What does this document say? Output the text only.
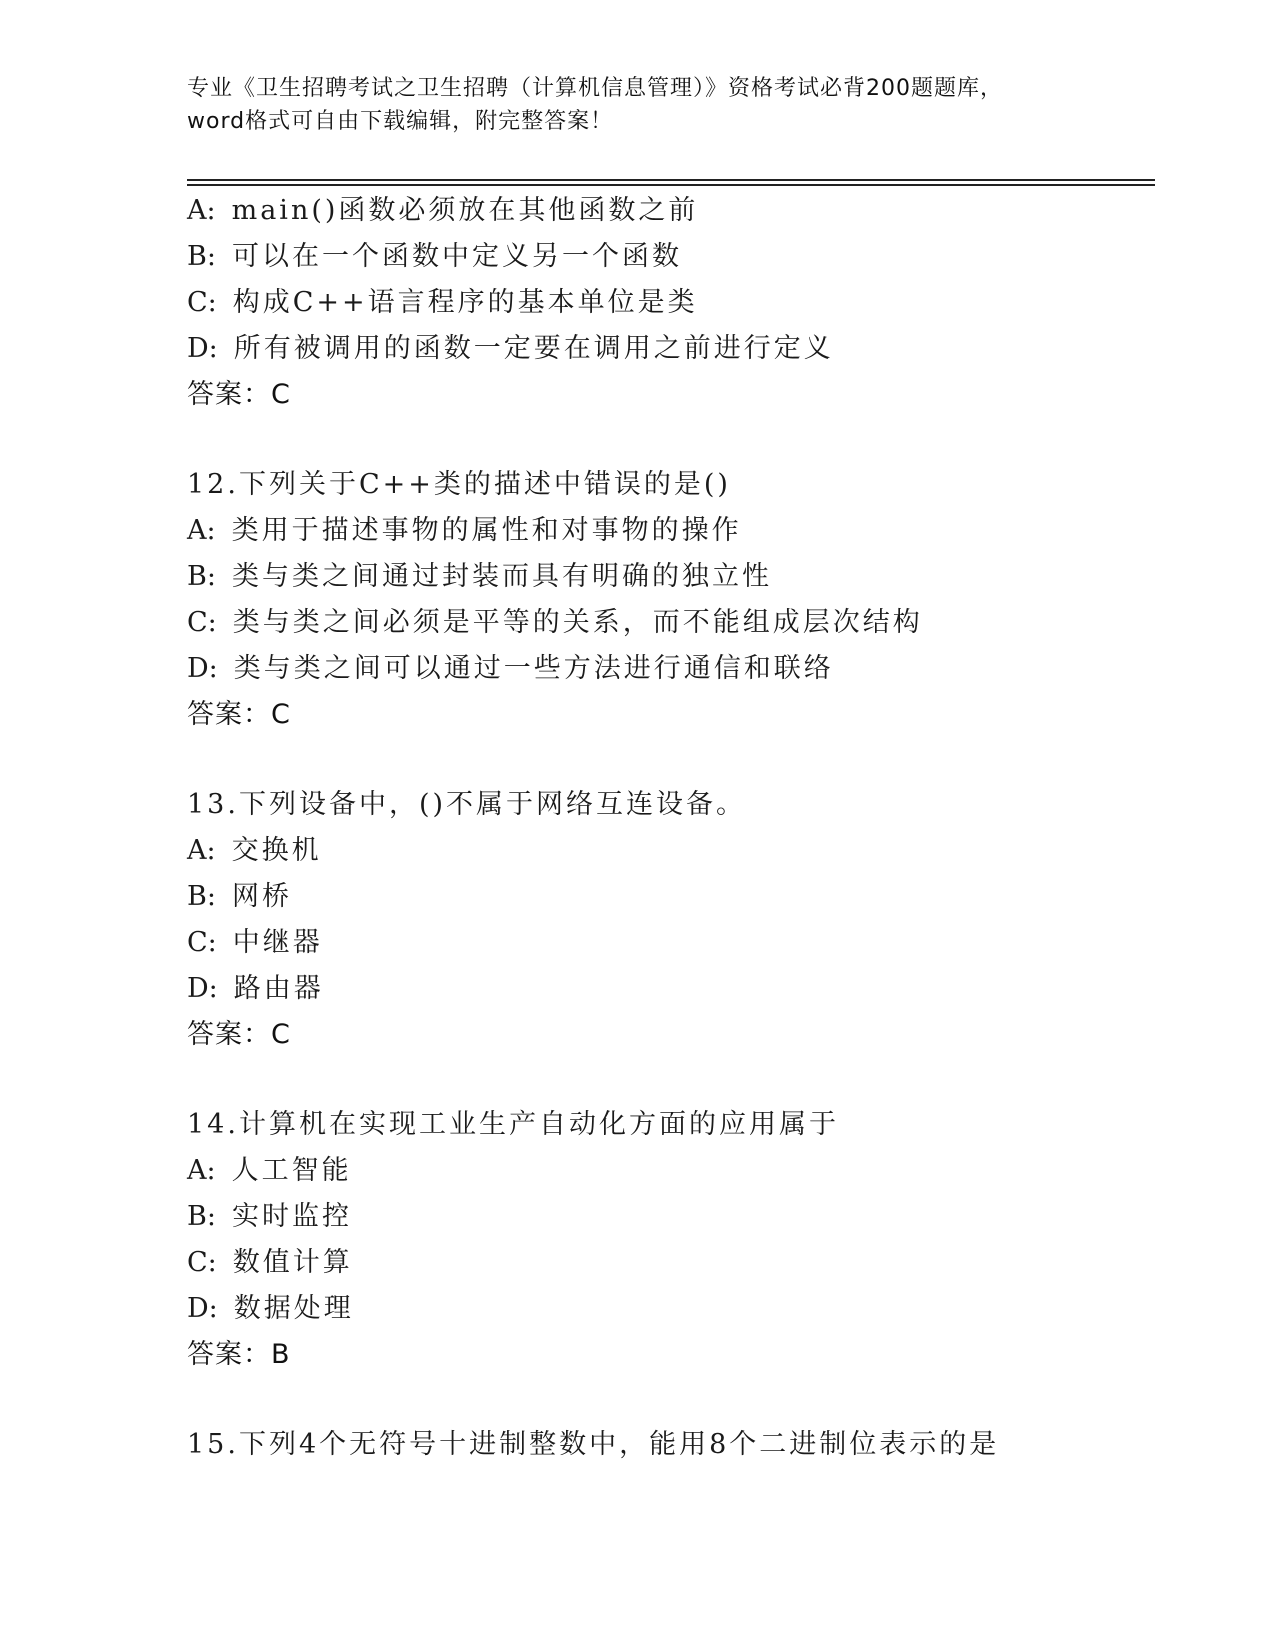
专业《卫生招聘考试之卫生招聘（计算机信息管理）》资格考试必背200题题库，
word格式可自由下载编辑，附完整答案！
A: main()函数必须放在其他函数之前
B: 可以在一个函数中定义另一个函数
C: 构成C++语言程序的基本单位是类
D: 所有被调用的函数一定要在调用之前进行定义
答案：C
12.下列关于C++类的描述中错误的是()
A: 类用于描述事物的属性和对事物的操作
B: 类与类之间通过封装而具有明确的独立性
C: 类与类之间必须是平等的关系，而不能组成层次结构
D: 类与类之间可以通过一些方法进行通信和联络
答案：C
13.下列设备中，()不属于网络互连设备。
A: 交换机
B: 网桥
C: 中继器
D: 路由器
答案：C
14.计算机在实现工业生产自动化方面的应用属于
A: 人工智能
B: 实时监控
C: 数值计算
D: 数据处理
答案：B
15.下列4个无符号十进制整数中，能用8个二进制位表示的是
